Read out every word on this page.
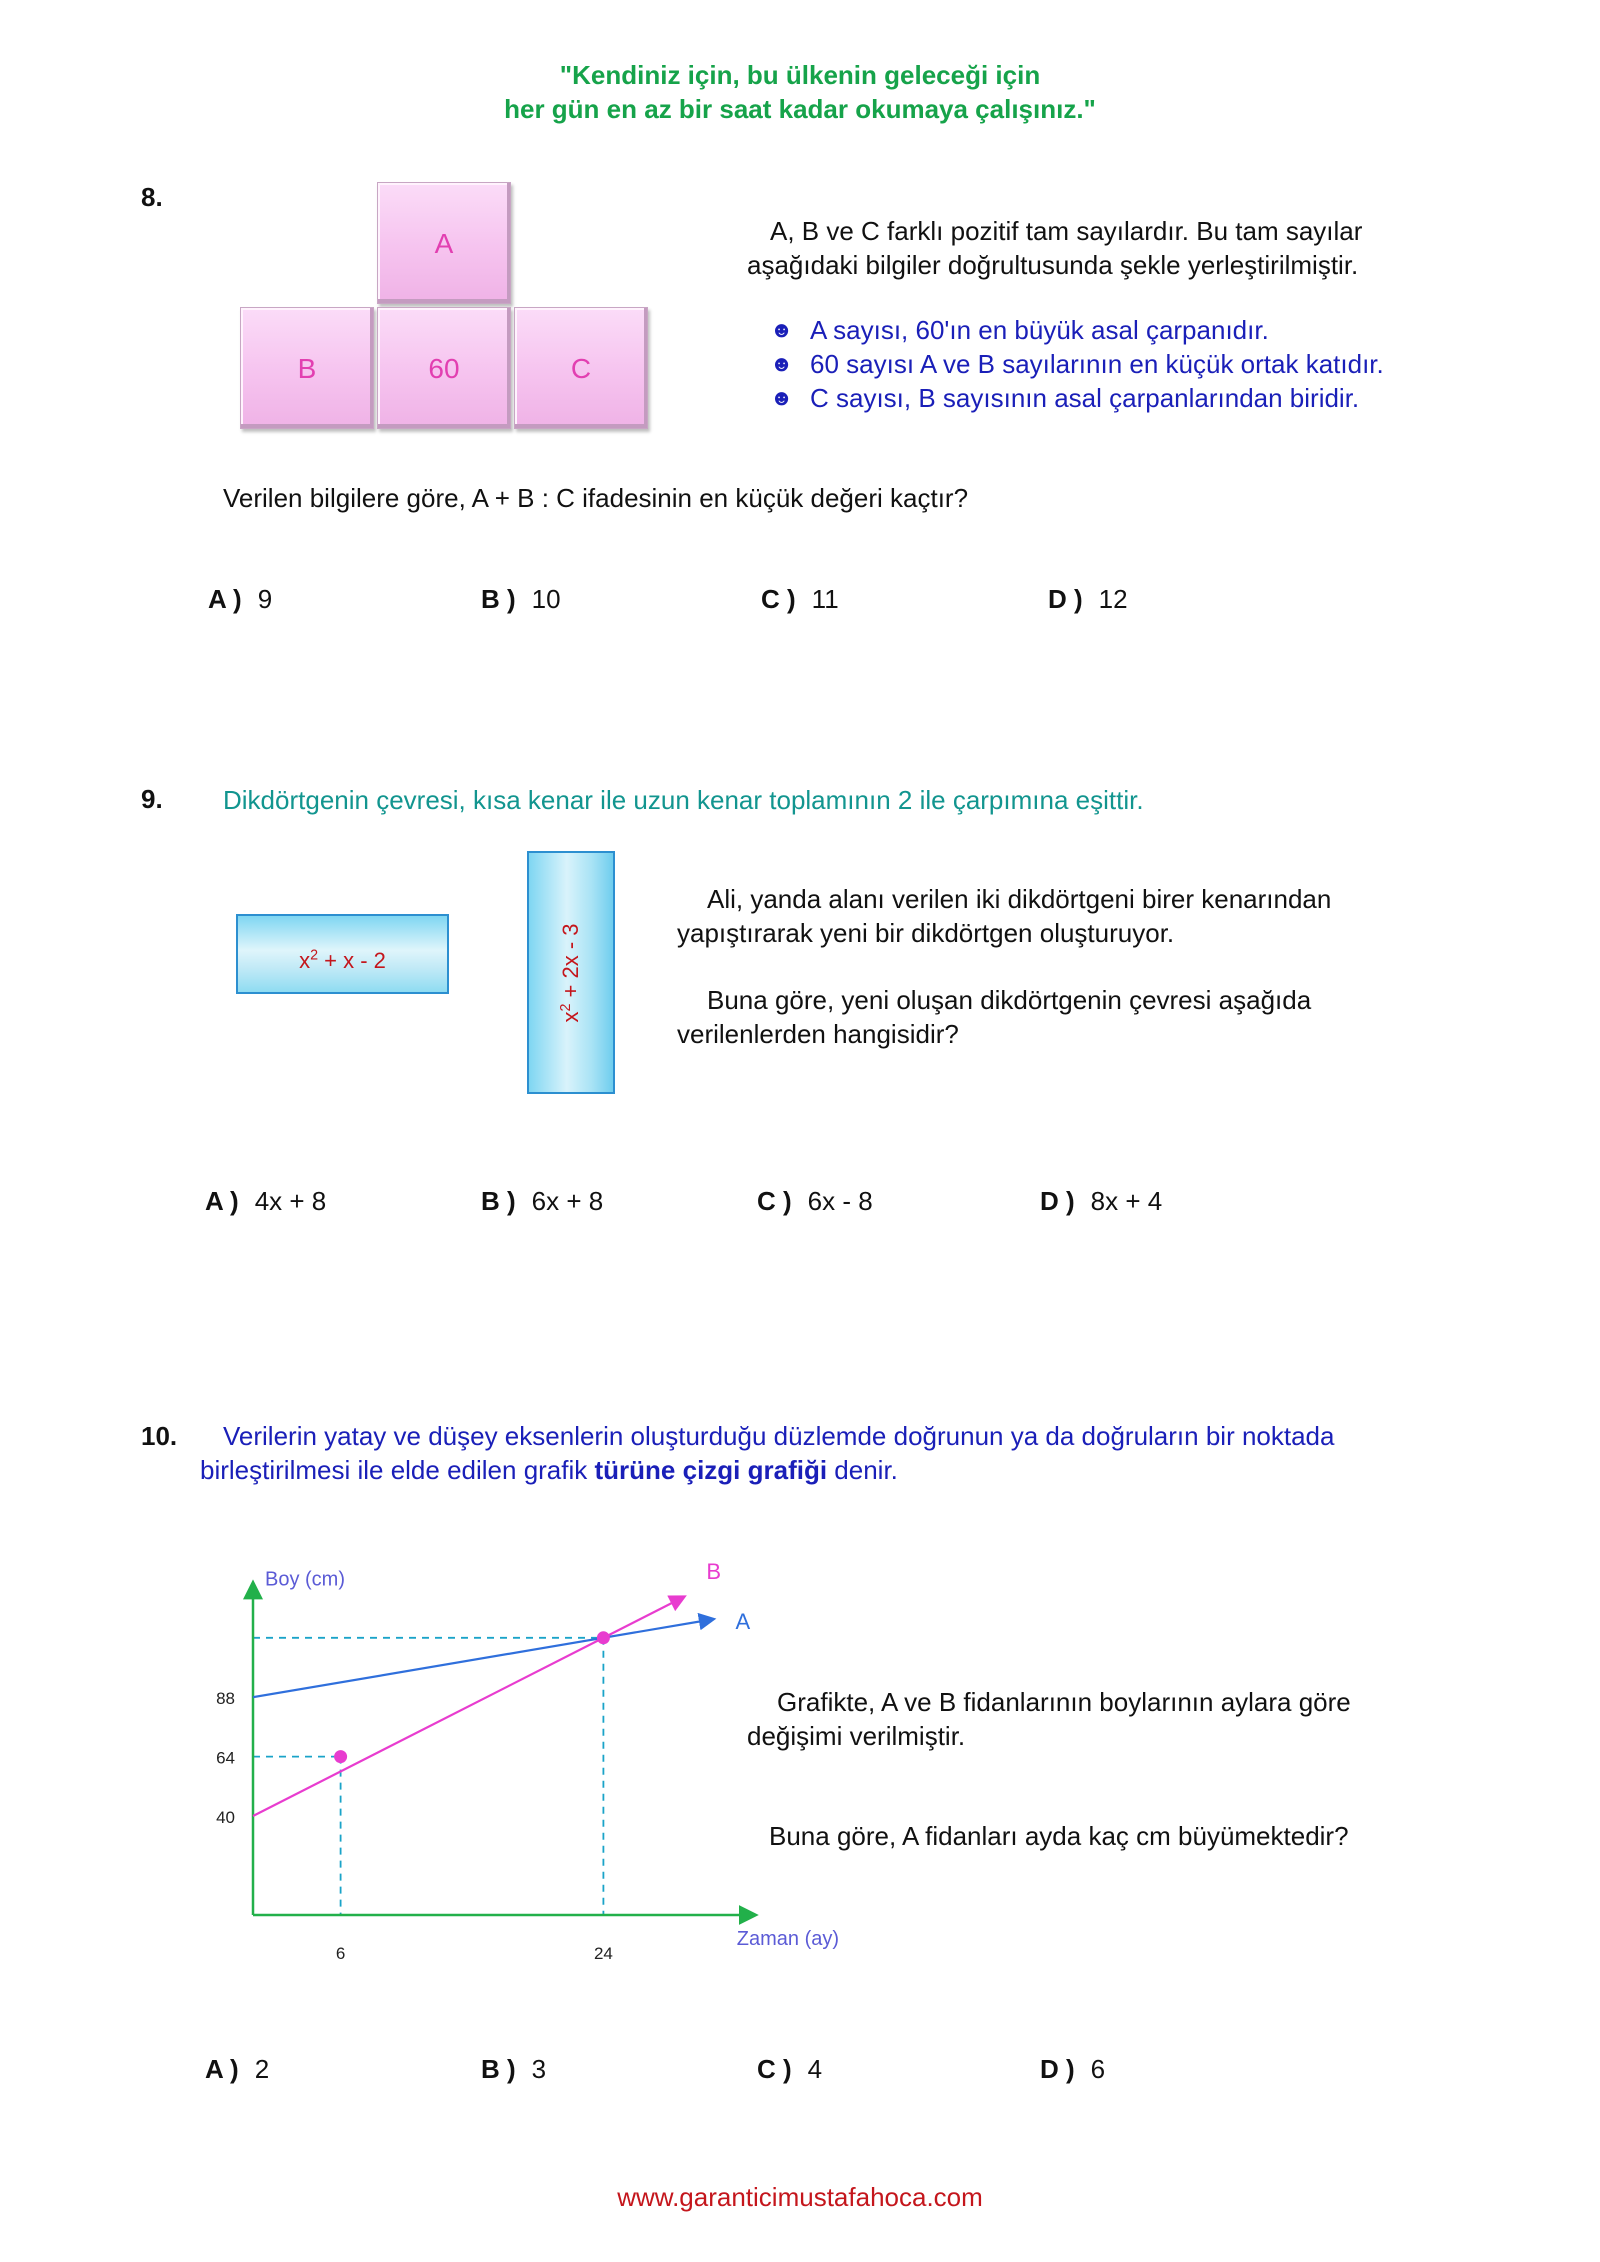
"Kendiniz için, bu ülkenin geleceği için
her gün en az bir saat kadar okumaya çalışınız."
8.
A
B	60	C
A, B ve C farklı pozitif tam sayılardır. Bu tam sayılar
aşağıdaki bilgiler doğrultusunda şekle yerleştirilmiştir.
☻ A sayısı, 60'ın en büyük asal çarpanıdır.
☻ 60 sayısı A ve B sayılarının en küçük ortak katıdır.
☻ C sayısı, B sayısının asal çarpanlarından biridir.
Verilen bilgilere göre, A + B : C ifadesinin en küçük değeri kaçtır?
A ) 9	B ) 10	C ) 11	D ) 12
9. Dikdörtgenin çevresi, kısa kenar ile uzun kenar toplamının 2 ile çarpımına eşittir.
$x^2 + x - 2$
$x^2 + 2x - 3$
Ali, yanda alanı verilen iki dikdörtgeni birer kenarından
yapıştırarak yeni bir dikdörtgen oluşturuyor.
Buna göre, yeni oluşan dikdörtgenin çevresi aşağıda
verilenlerden hangisidir?
A ) 4x + 8	B ) 6x + 8	C ) 6x - 8	D ) 8x + 4
10. Verilerin yatay ve düşey eksenlerin oluşturduğu düzlemde doğrunun ya da doğruların bir noktada
birleştirilmesi ile elde edilen grafik türüne çizgi grafiği denir.
Boy (cm)
Zaman (ay)
40
64
88
6	24
A
B
Grafikte, A ve B fidanlarının boylarının aylara göre
değişimi verilmiştir.
Buna göre, A fidanları ayda kaç cm büyümektedir?
A ) 2	B ) 3	C ) 4	D ) 6
www.garanticimustafahoca.com
